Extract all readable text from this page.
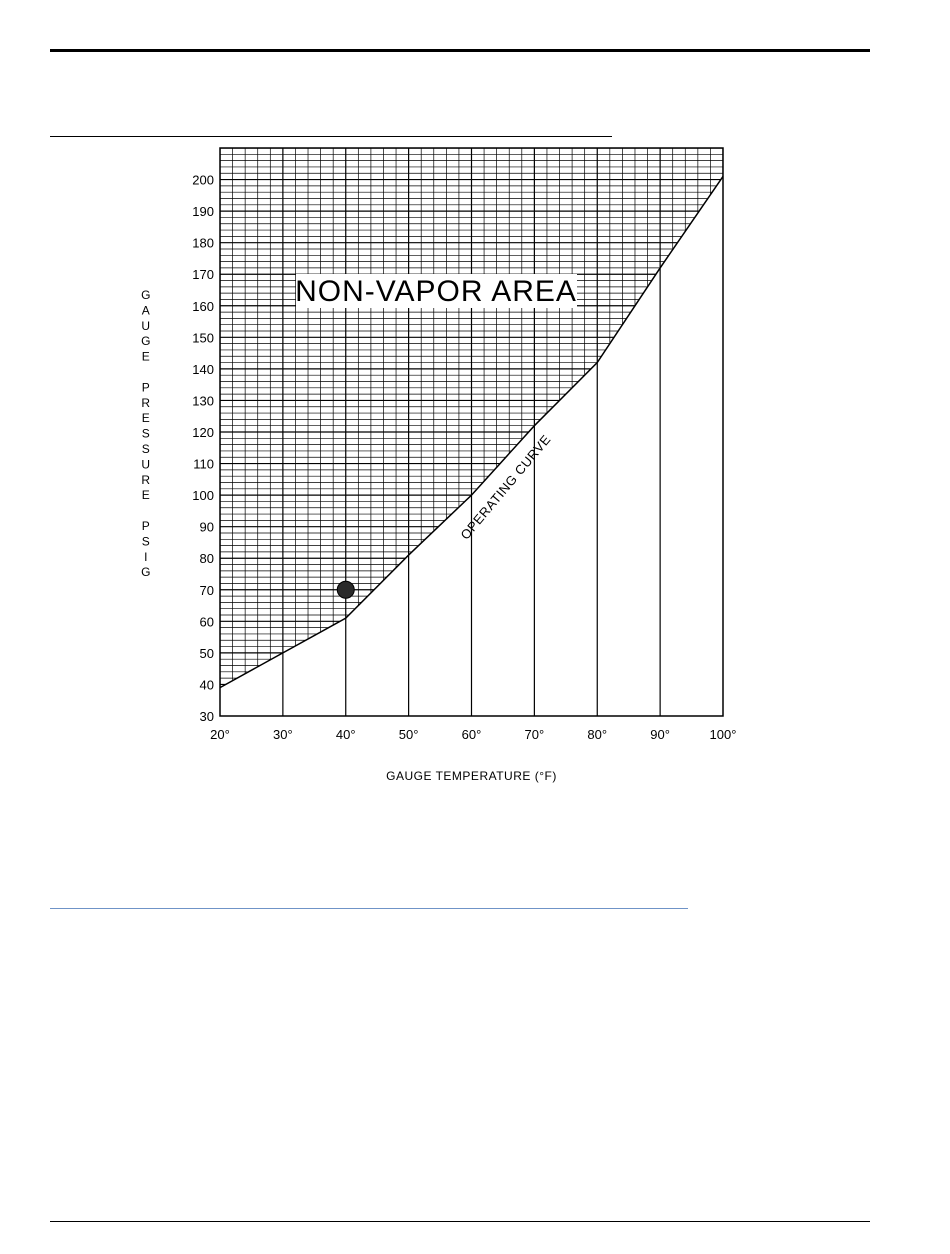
30
40
50
60
70
80
90
100
110
120
130
140
150
160
170
180
190
200
20°	30°	40°	50°	60°	70°	80°	90°	100°
G
A
U
G
E
P
R
E
S
S
U
R
E
P
S
I
G
NON-VAPOR AREA
OPERATING CURVE
GAUGE TEMPERATURE (°F)
